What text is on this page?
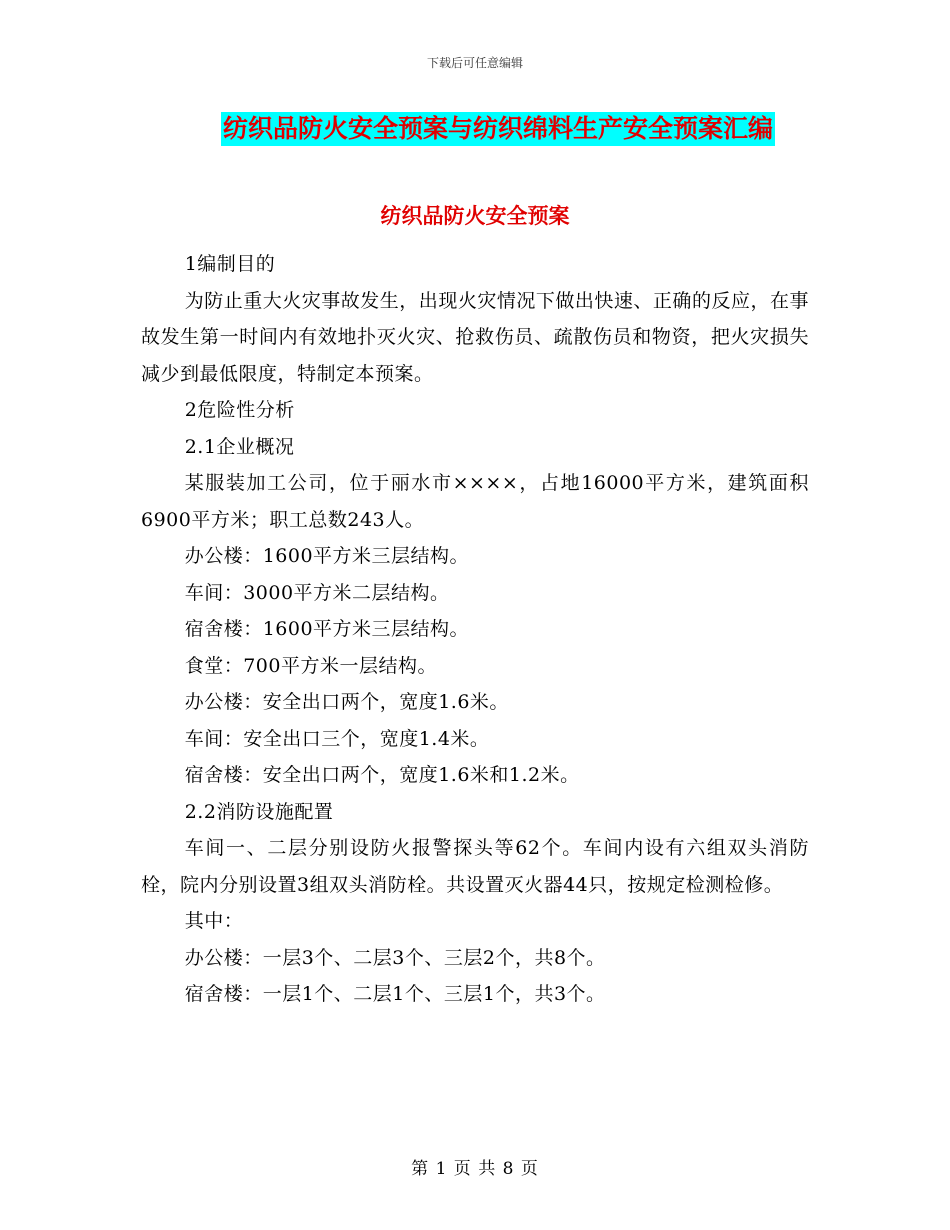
下载后可任意编辑
纺织品防火安全预案与纺织绵料生产安全预案汇编
纺织品防火安全预案

1编制目的

为防止重大火灾事故发生，出现火灾情况下做出快速、正确的反应，在事故发生第一时间内有效地扑灭火灾、抢救伤员、疏散伤员和物资，把火灾损失减少到最低限度，特制定本预案。

2危险性分析

2.1企业概况

某服装加工公司，位于丽水市××××，占地16000平方米，建筑面积6900平方米；职工总数243人。

办公楼：1600平方米三层结构。

车间：3000平方米二层结构。

宿舍楼：1600平方米三层结构。

食堂：700平方米一层结构。

办公楼：安全出口两个，宽度1.6米。

车间：安全出口三个，宽度1.4米。

宿舍楼：安全出口两个，宽度1.6米和1.2米。

2.2消防设施配置

车间一、二层分别设防火报警探头等62个。车间内设有六组双头消防栓，院内分别设置3组双头消防栓。共设置灭火器44只，按规定检测检修。

其中：

办公楼：一层3个、二层3个、三层2个，共8个。

宿舍楼：一层1个、二层1个、三层1个，共3个。

第 1 页 共 8 页
